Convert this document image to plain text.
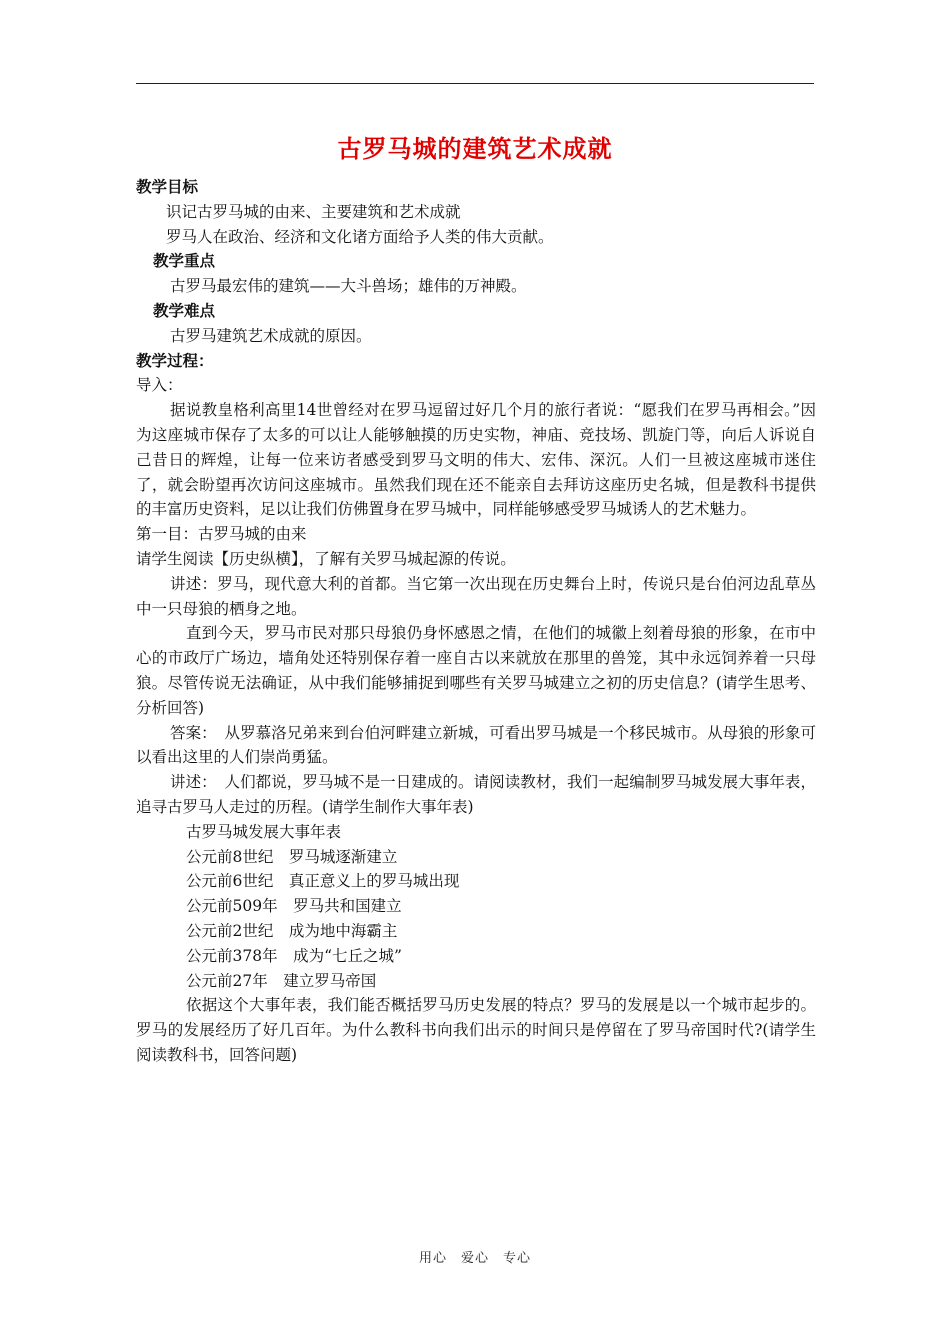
古罗马城的建筑艺术成就

教学目标

识记古罗马城的由来、主要建筑和艺术成就

罗马人在政治、经济和文化诸方面给予人类的伟大贡献。

教学重点

古罗马最宏伟的建筑——大斗兽场；雄伟的万神殿。

教学难点

古罗马建筑艺术成就的原因。

教学过程：

导入：

据说教皇格利高里14世曾经对在罗马逗留过好几个月的旅行者说：“愿我们在罗马再相会。”因为这座城市保存了太多的可以让人能够触摸的历史实物，神庙、竞技场、凯旋门等，向后人诉说自己昔日的辉煌，让每一位来访者感受到罗马文明的伟大、宏伟、深沉。人们一旦被这座城市迷住了，就会盼望再次访问这座城市。虽然我们现在还不能亲自去拜访这座历史名城，但是教科书提供的丰富历史资料，足以让我们仿佛置身在罗马城中，同样能够感受罗马城诱人的艺术魅力。

第一目：古罗马城的由来

请学生阅读【历史纵横】，了解有关罗马城起源的传说。

讲述：罗马，现代意大利的首都。当它第一次出现在历史舞台上时，传说只是台伯河边乱草丛中一只母狼的栖身之地。

直到今天，罗马市民对那只母狼仍身怀感恩之情，在他们的城徽上刻着母狼的形象，在市中心的市政厅广场边，墙角处还特别保存着一座自古以来就放在那里的兽笼，其中永远饲养着一只母狼。尽管传说无法确证，从中我们能够捕捉到哪些有关罗马城建立之初的历史信息？(请学生思考、分析回答)

答案：　从罗慕洛兄弟来到台伯河畔建立新城，可看出罗马城是一个移民城市。从母狼的形象可以看出这里的人们崇尚勇猛。

讲述：　人们都说，罗马城不是一日建成的。请阅读教材，我们一起编制罗马城发展大事年表，追寻古罗马人走过的历程。(请学生制作大事年表)

古罗马城发展大事年表

公元前8世纪　罗马城逐渐建立

公元前6世纪　真正意义上的罗马城出现

公元前509年　罗马共和国建立

公元前2世纪　成为地中海霸主

公元前378年　成为“七丘之城”

公元前27年　建立罗马帝国

依据这个大事年表，我们能否概括罗马历史发展的特点？罗马的发展是以一个城市起步的。罗马的发展经历了好几百年。为什么教科书向我们出示的时间只是停留在了罗马帝国时代?(请学生阅读教科书，回答问题)

用心　爱心　专心
